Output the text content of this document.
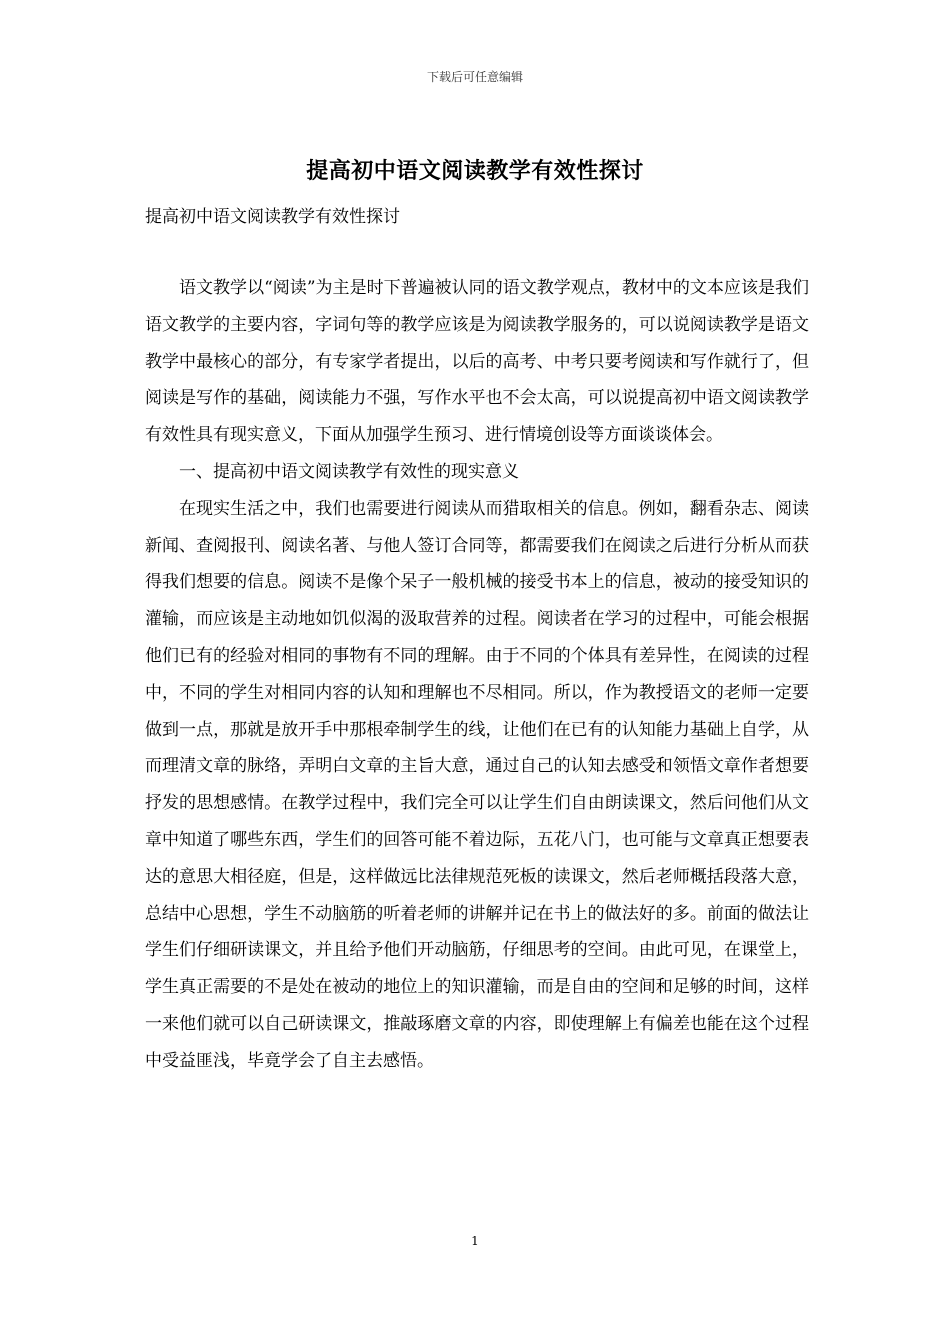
下载后可任意编辑
提高初中语文阅读教学有效性探讨
提高初中语文阅读教学有效性探讨

语文教学以“阅读”为主是时下普遍被认同的语文教学观点，教材中的文本应该是我们语文教学的主要内容，字词句等的教学应该是为阅读教学服务的，可以说阅读教学是语文教学中最核心的部分，有专家学者提出，以后的高考、中考只要考阅读和写作就行了，但阅读是写作的基础，阅读能力不强，写作水平也不会太高，可以说提高初中语文阅读教学有效性具有现实意义，下面从加强学生预习、进行情境创设等方面谈谈体会。

一、提高初中语文阅读教学有效性的现实意义

在现实生活之中，我们也需要进行阅读从而猎取相关的信息。例如，翻看杂志、阅读新闻、查阅报刊、阅读名著、与他人签订合同等，都需要我们在阅读之后进行分析从而获得我们想要的信息。阅读不是像个呆子一般机械的接受书本上的信息，被动的接受知识的灌输，而应该是主动地如饥似渴的汲取营养的过程。阅读者在学习的过程中，可能会根据他们已有的经验对相同的事物有不同的理解。由于不同的个体具有差异性，在阅读的过程中，不同的学生对相同内容的认知和理解也不尽相同。所以，作为教授语文的老师一定要做到一点，那就是放开手中那根牵制学生的线，让他们在已有的认知能力基础上自学，从而理清文章的脉络，弄明白文章的主旨大意，通过自己的认知去感受和领悟文章作者想要抒发的思想感情。在教学过程中，我们完全可以让学生们自由朗读课文，然后问他们从文章中知道了哪些东西，学生们的回答可能不着边际，五花八门，也可能与文章真正想要表达的意思大相径庭，但是，这样做远比法律规范死板的读课文，然后老师概括段落大意，总结中心思想，学生不动脑筋的听着老师的讲解并记在书上的做法好的多。前面的做法让学生们仔细研读课文，并且给予他们开动脑筋，仔细思考的空间。由此可见，在课堂上，学生真正需要的不是处在被动的地位上的知识灌输，而是自由的空间和足够的时间，这样一来他们就可以自己研读课文，推敲琢磨文章的内容，即使理解上有偏差也能在这个过程中受益匪浅，毕竟学会了自主去感悟。

1
